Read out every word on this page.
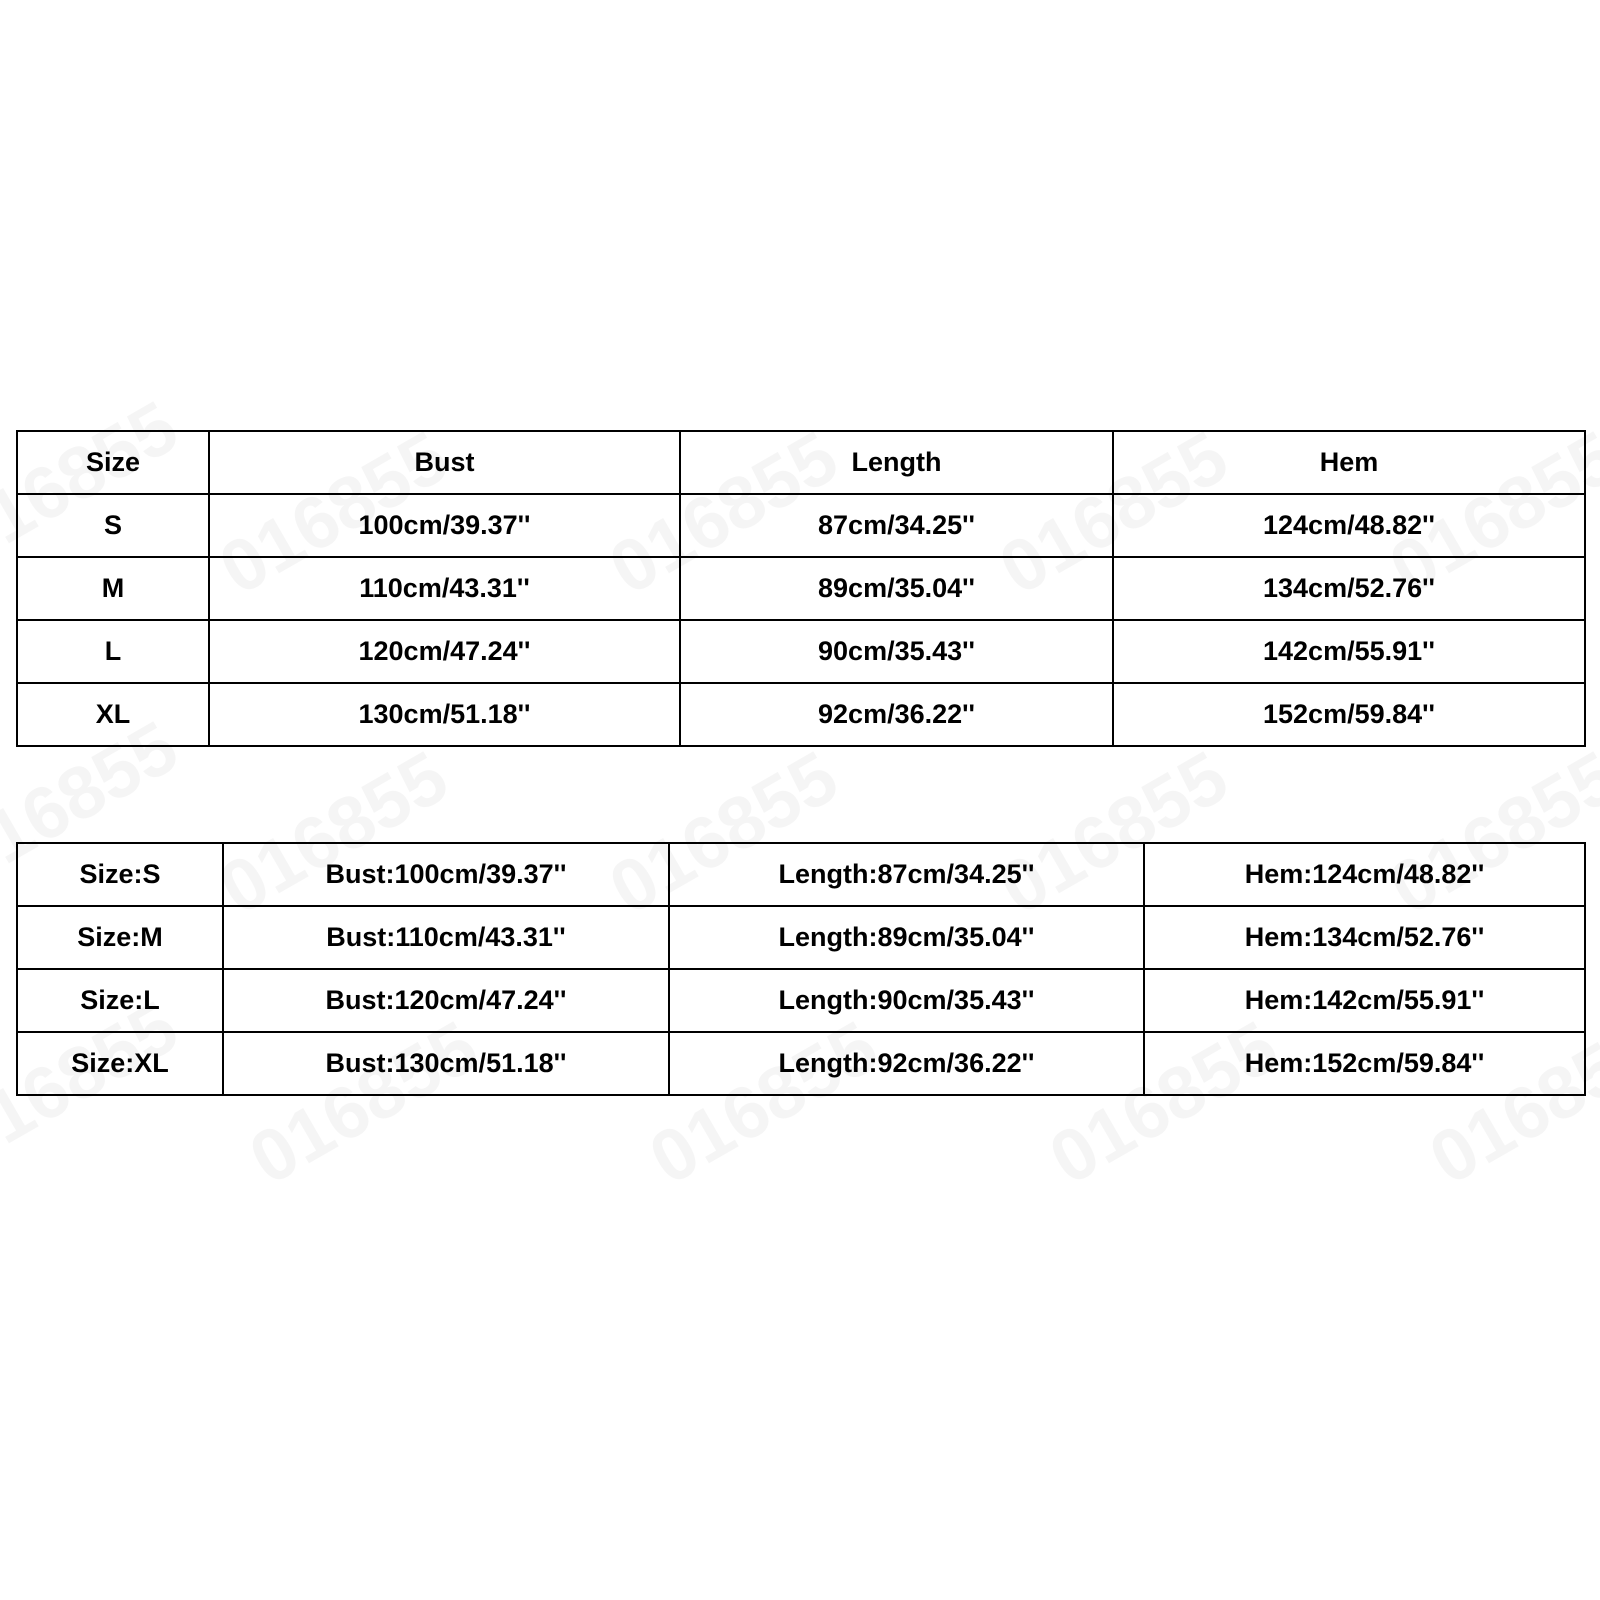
Size	Bust	Length	Hem
S	100cm/39.37''	87cm/34.25''	124cm/48.82''
M	110cm/43.31''	89cm/35.04''	134cm/52.76''
L	120cm/47.24''	90cm/35.43''	142cm/55.91''
XL	130cm/51.18''	92cm/36.22''	152cm/59.84''
Size:S	Bust:100cm/39.37''	Length:87cm/34.25''	Hem:124cm/48.82''
Size:M	Bust:110cm/43.31''	Length:89cm/35.04''	Hem:134cm/52.76''
Size:L	Bust:120cm/47.24''	Length:90cm/35.43''	Hem:142cm/55.91''
Size:XL	Bust:130cm/51.18''	Length:92cm/36.22''	Hem:152cm/59.84''
